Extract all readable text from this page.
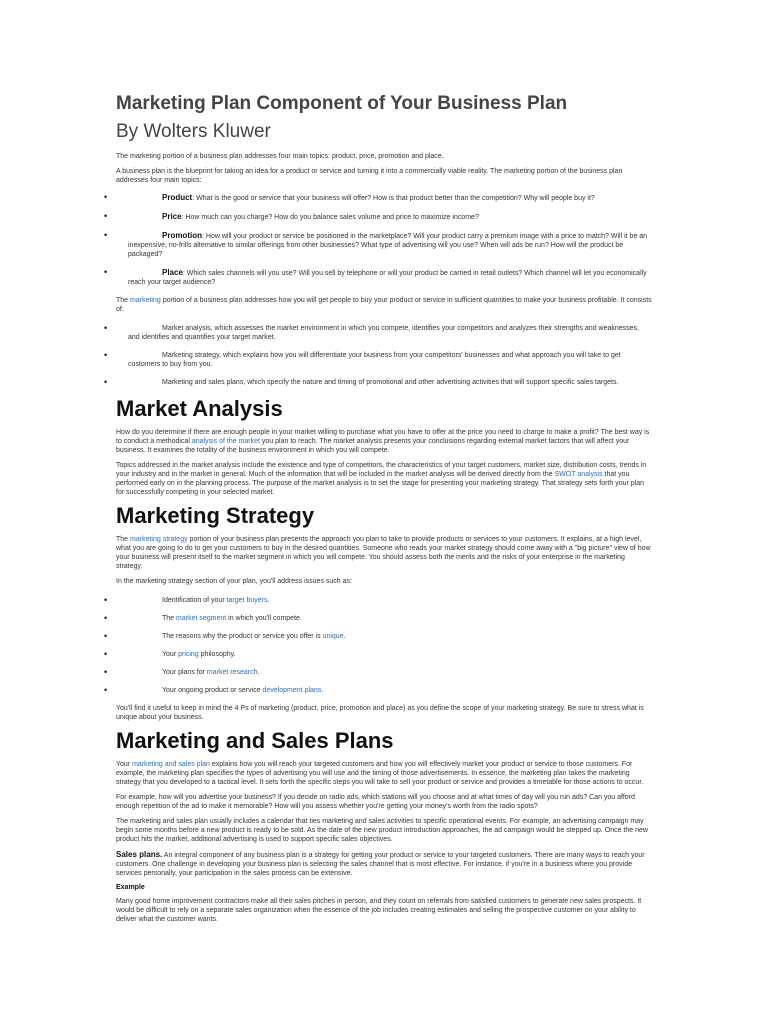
Marketing Plan Component of Your Business Plan
By Wolters Kluwer

The marketing portion of a business plan addresses four main topics: product, price, promotion and place.

A business plan is the blueprint for taking an idea for a product or service and turning it into a commercially viable reality. The marketing portion of the business plan addresses four main topics:

•	Product: What is the good or service that your business will offer? How is that product better than the competition? Why will people buy it?
•	Price: How much can you charge? How do you balance sales volume and price to maximize income?
•	Promotion: How will your product or service be positioned in the marketplace? Will your product carry a premium image with a price to match? Will it be an inexpensive, no-frills alternative to similar offerings from other businesses? What type of advertising will you use? When will ads be run? How will the product be packaged?
•	Place: Which sales channels will you use? Will you sell by telephone or will your product be carried in retail outlets? Which channel will let you economically reach your target audience?

The marketing portion of a business plan addresses how you will get people to buy your product or service in sufficient quantities to make your business profitable. It consists of:

•	Market analysis, which assesses the market environment in which you compete, identifies your competitors and analyzes their strengths and weaknesses, and identifies and quantifies your target market.
•	Marketing strategy, which explains how you will differentiate your business from your competitors' businesses and what approach you will take to get customers to buy from you.
•	Marketing and sales plans, which specify the nature and timing of promotional and other advertising activities that will support specific sales targets.
Market Analysis

How do you determine if there are enough people in your market willing to purchase what you have to offer at the price you need to charge to make a profit? The best way is to conduct a methodical analysis of the market you plan to reach. The market analysis presents your conclusions regarding external market factors that will affect your business. It examines the totality of the business environment in which you will compete.

Topics addressed in the market analysis include the existence and type of competitors, the characteristics of your target customers, market size, distribution costs, trends in your industry and in the market in general. Much of the information that will be included in the market analysis will be derived directly from the SWOT analysis that you performed early on in the planning process. The purpose of the market analysis is to set the stage for presenting your marketing strategy. That strategy sets forth your plan for successfully competing in your selected market.

Marketing Strategy

The marketing strategy portion of your business plan presents the approach you plan to take to provide products or services to your customers. It explains, at a high level, what you are going to do to get your customers to buy in the desired quantities. Someone who reads your market strategy should come away with a "big picture" view of how your business will present itself to the market segment in which you will compete. You should assess both the merits and the risks of your enterprise in the marketing strategy.

In the marketing strategy section of your plan, you'll address issues such as:

•	Identification of your target buyers.
•	The market segment in which you'll compete.
•	The reasons why the product or service you offer is unique.
•	Your pricing philosophy.
•	Your plans for market research.
•	Your ongoing product or service development plans.

You'll find it useful to keep in mind the 4 Ps of marketing (product, price, promotion and place) as you define the scope of your marketing strategy. Be sure to stress what is unique about your business.

Marketing and Sales Plans

Your marketing and sales plan explains how you will reach your targeted customers and how you will effectively market your product or service to those customers. For example, the marketing plan specifies the types of advertising you will use and the timing of those advertisements. In essence, the marketing plan takes the marketing strategy that you developed to a tactical level. It sets forth the specific steps you will take to sell your product or service and provides a timetable for those actions to occur.

For example, how will you advertise your business? If you decide on radio ads, which stations will you choose and at what times of day will you run ads? Can you afford enough repetition of the ad to make it memorable? How will you assess whether you're getting your money's worth from the radio spots?

The marketing and sales plan usually includes a calendar that ties marketing and sales activities to specific operational events. For example, an advertising campaign may begin some months before a new product is ready to be sold. As the date of the new product introduction approaches, the ad campaign would be stepped up. Once the new product hits the market, additional advertising is used to support specific sales objectives.

Sales plans. An integral component of any business plan is a strategy for getting your product or service to your targeted customers. There are many ways to reach your customers. One challenge in developing your business plan is selecting the sales channel that is most effective. For instance, if you're in a business where you provide services personally, your participation in the sales process can be extensive.

Example

Many good home improvement contractors make all their sales pitches in person, and they count on referrals from satisfied customers to generate new sales prospects. It would be difficult to rely on a separate sales organization when the essence of the job includes creating estimates and selling the prospective customer on your ability to deliver what the customer wants.
